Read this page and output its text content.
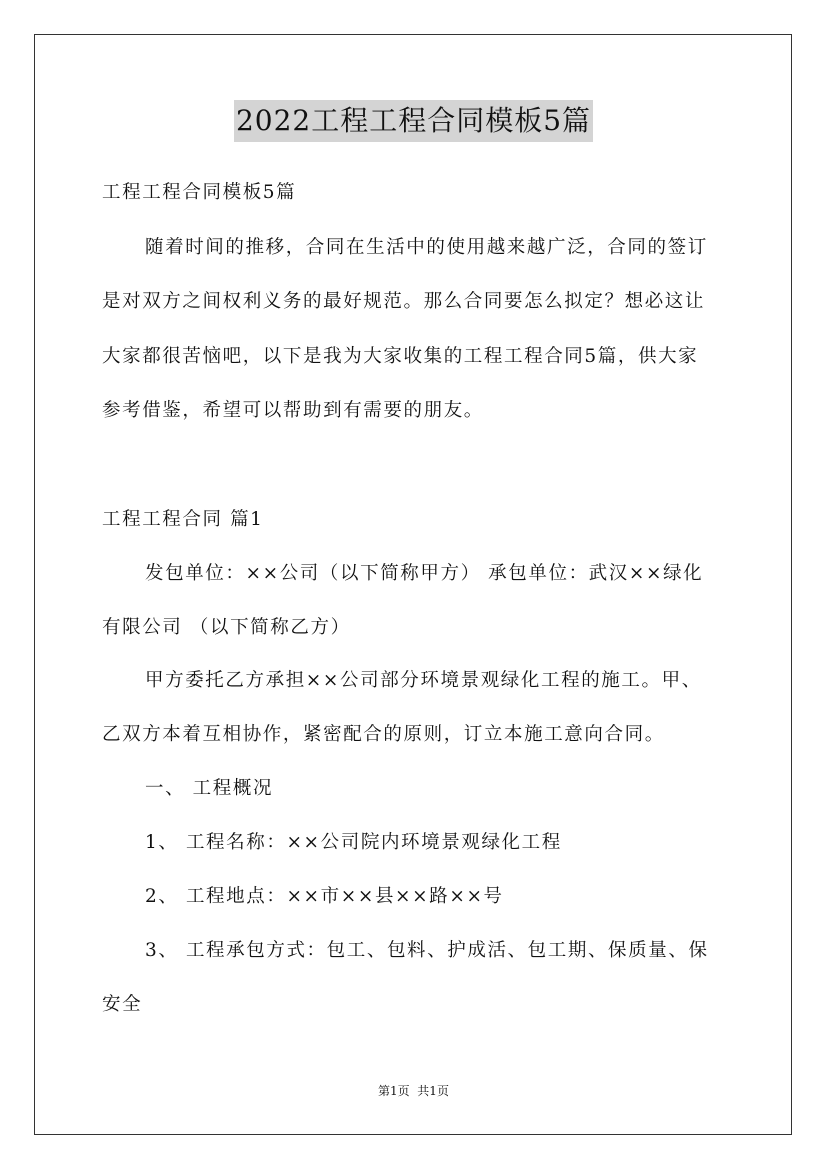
2022工程工程合同模板5篇
工程工程合同模板5篇
随着时间的推移，合同在生活中的使用越来越广泛，合同的签订
是对双方之间权利义务的最好规范。那么合同要怎么拟定？想必这让
大家都很苦恼吧，以下是我为大家收集的工程工程合同5篇，供大家
参考借鉴，希望可以帮助到有需要的朋友。
工程工程合同 篇1
发包单位：××公司（以下简称甲方） 承包单位：武汉××绿化
有限公司 （以下简称乙方）
甲方委托乙方承担××公司部分环境景观绿化工程的施工。甲、
乙双方本着互相协作，紧密配合的原则，订立本施工意向合同。
一、 工程概况
1、 工程名称：××公司院内环境景观绿化工程
2、 工程地点：××市××县××路××号
3、 工程承包方式：包工、包料、护成活、包工期、保质量、保
安全
第1页  共1页
